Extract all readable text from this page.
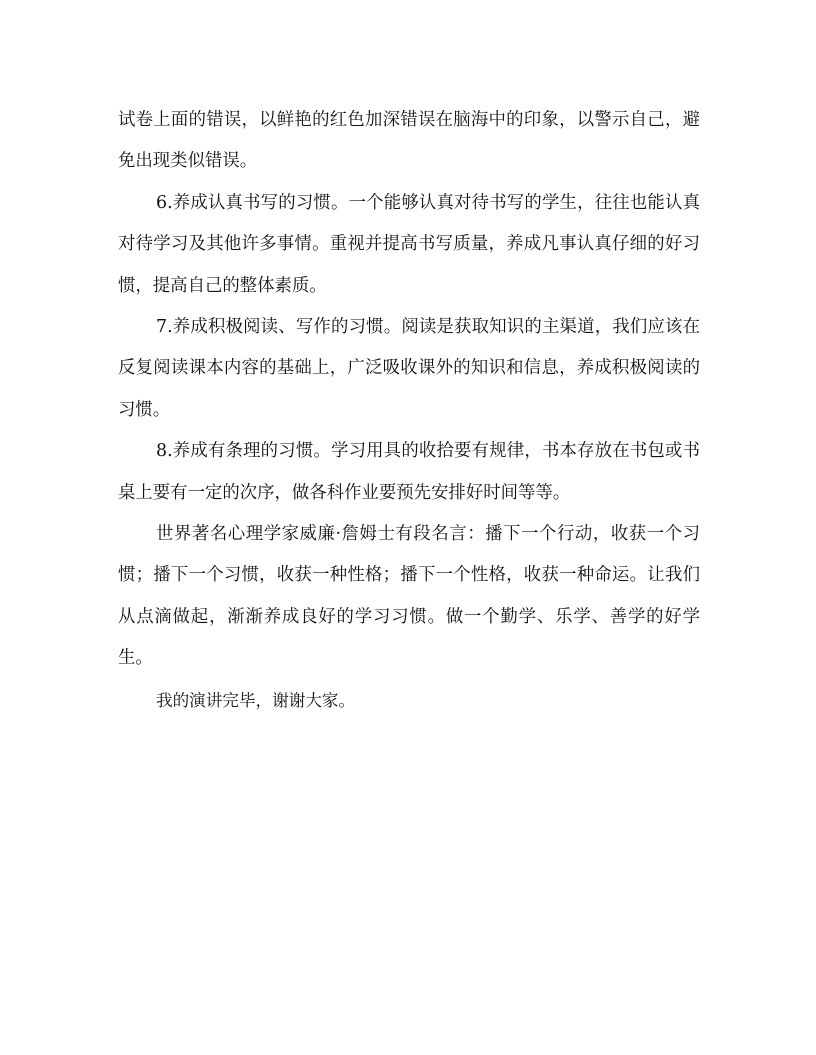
试卷上面的错误，以鲜艳的红色加深错误在脑海中的印象，以警示自己，避免出现类似错误。

6.养成认真书写的习惯。一个能够认真对待书写的学生，往往也能认真对待学习及其他许多事情。重视并提高书写质量，养成凡事认真仔细的好习惯，提高自己的整体素质。

7.养成积极阅读、写作的习惯。阅读是获取知识的主渠道，我们应该在反复阅读课本内容的基础上，广泛吸收课外的知识和信息，养成积极阅读的习惯。

8.养成有条理的习惯。学习用具的收拾要有规律，书本存放在书包或书桌上要有一定的次序，做各科作业要预先安排好时间等等。

世界著名心理学家威廉·詹姆士有段名言：播下一个行动，收获一个习惯；播下一个习惯，收获一种性格；播下一个性格，收获一种命运。让我们从点滴做起，渐渐养成良好的学习习惯。做一个勤学、乐学、善学的好学生。

我的演讲完毕，谢谢大家。
